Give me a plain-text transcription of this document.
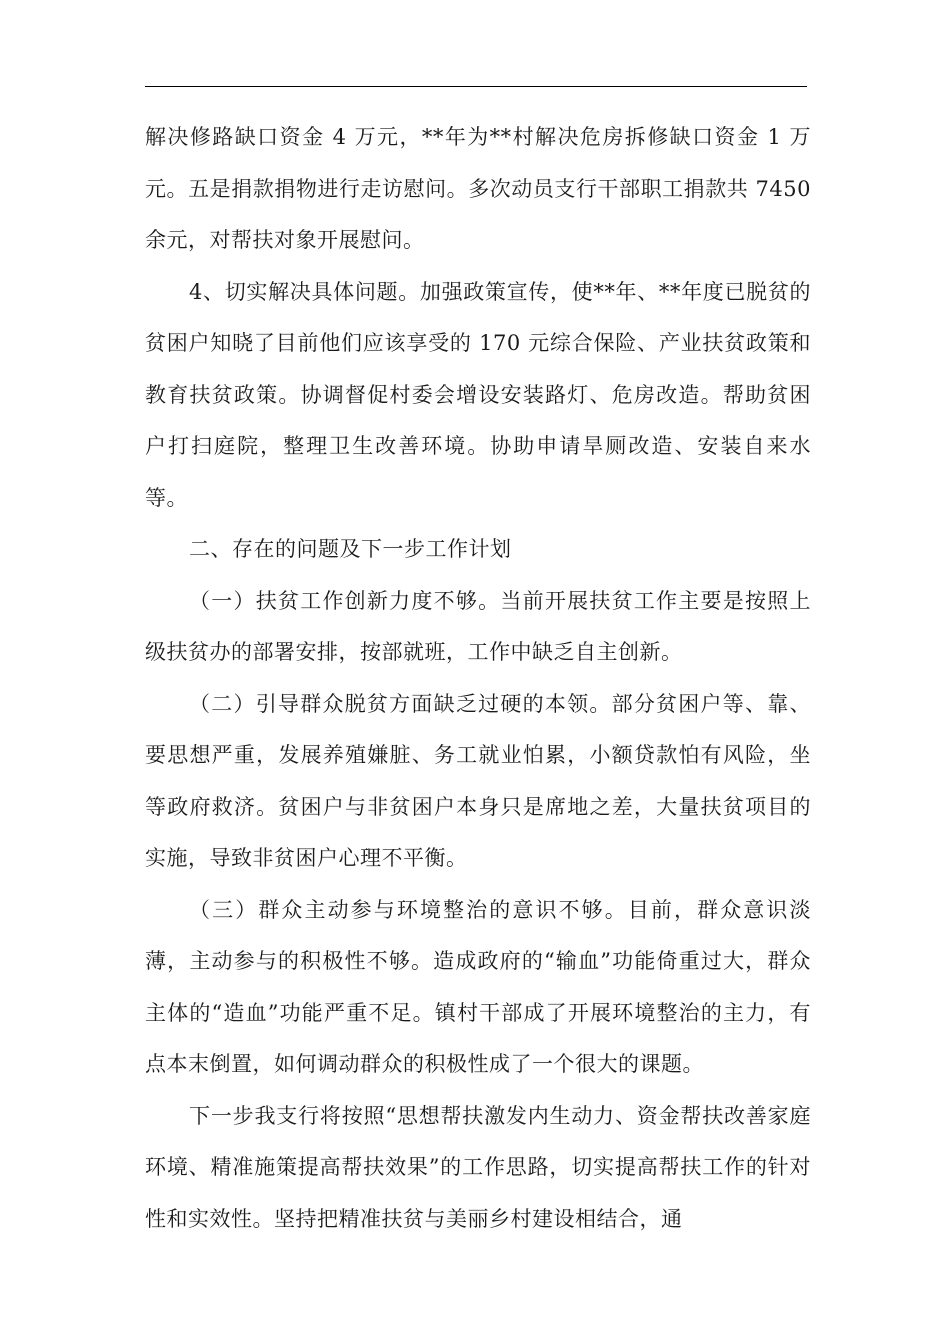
解决修路缺口资金 4 万元，**年为**村解决危房拆修缺口资金 1 万元。五是捐款捐物进行走访慰问。多次动员支行干部职工捐款共 7450 余元，对帮扶对象开展慰问。

4、切实解决具体问题。加强政策宣传，使**年、**年度已脱贫的贫困户知晓了目前他们应该享受的 170 元综合保险、产业扶贫政策和教育扶贫政策。协调督促村委会增设安装路灯、危房改造。帮助贫困户打扫庭院，整理卫生改善环境。协助申请旱厕改造、安装自来水等。

二、存在的问题及下一步工作计划

（一）扶贫工作创新力度不够。当前开展扶贫工作主要是按照上级扶贫办的部署安排，按部就班，工作中缺乏自主创新。

（二）引导群众脱贫方面缺乏过硬的本领。部分贫困户等、靠、要思想严重，发展养殖嫌脏、务工就业怕累，小额贷款怕有风险，坐等政府救济。贫困户与非贫困户本身只是席地之差，大量扶贫项目的实施，导致非贫困户心理不平衡。

（三）群众主动参与环境整治的意识不够。目前，群众意识淡薄，主动参与的积极性不够。造成政府的“输血”功能倚重过大，群众主体的“造血”功能严重不足。镇村干部成了开展环境整治的主力，有点本末倒置，如何调动群众的积极性成了一个很大的课题。

下一步我支行将按照“思想帮扶激发内生动力、资金帮扶改善家庭环境、精准施策提高帮扶效果”的工作思路，切实提高帮扶工作的针对性和实效性。坚持把精准扶贫与美丽乡村建设相结合，通
